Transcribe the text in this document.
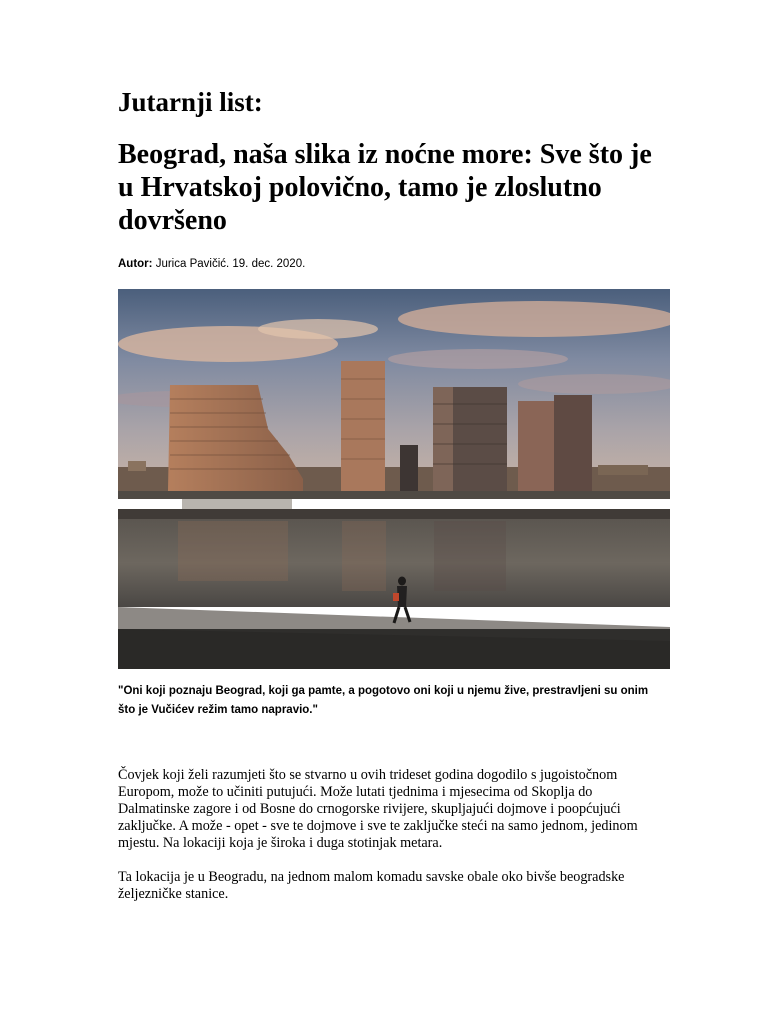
Jutarnji list:
Beograd, naša slika iz noćne more: Sve što je u Hrvatskoj polovično, tamo je zloslutno dovršeno
Autor: Jurica Pavičić. 19. dec. 2020.

"Oni koji poznaju Beograd, koji ga pamte, a pogotovo oni koji u njemu žive, prestravljeni su onim što je Vučićev režim tamo napravio."

Čovjek koji želi razumjeti što se stvarno u ovih trideset godina dogodilo s jugoistočnom Europom, može to učiniti putujući. Može lutati tjednima i mjesecima od Skoplja do Dalmatinske zagore i od Bosne do crnogorske rivijere, skupljajući dojmove i poopćujući zaključke. A može - opet - sve te dojmove i sve te zaključke steći na samo jednom, jedinom mjestu. Na lokaciji koja je široka i duga stotinjak metara.

Ta lokacija je u Beogradu, na jednom malom komadu savske obale oko bivše beogradske željezničke stanice.
